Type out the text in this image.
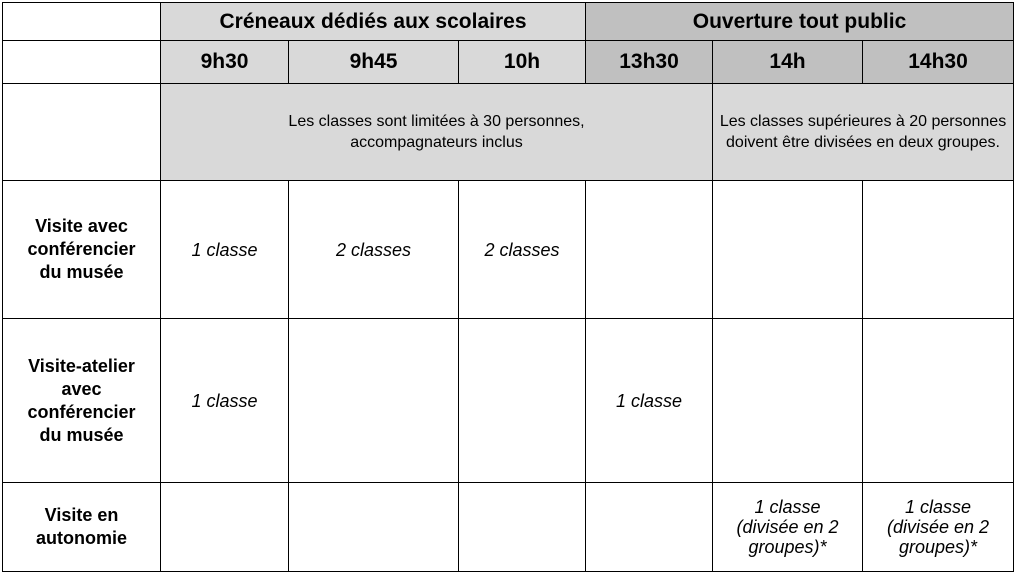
	Créneaux dédiés aux scolaires			Ouverture tout public		
	9h30	9h45	10h	13h30	14h	14h30

	Les classes sont limitées à 30 personnes, accompagnateurs inclus				Les classes supérieures à 20 personnes doivent être divisées en deux groupes.	

Visite avec conférencier du musée	1 classe	2 classes	2 classes			

Visite-atelier avec conférencier du musée	1 classe			1 classe		

Visite en autonomie					1 classe (divisée en 2 groupes)*	1 classe (divisée en 2 groupes)*
